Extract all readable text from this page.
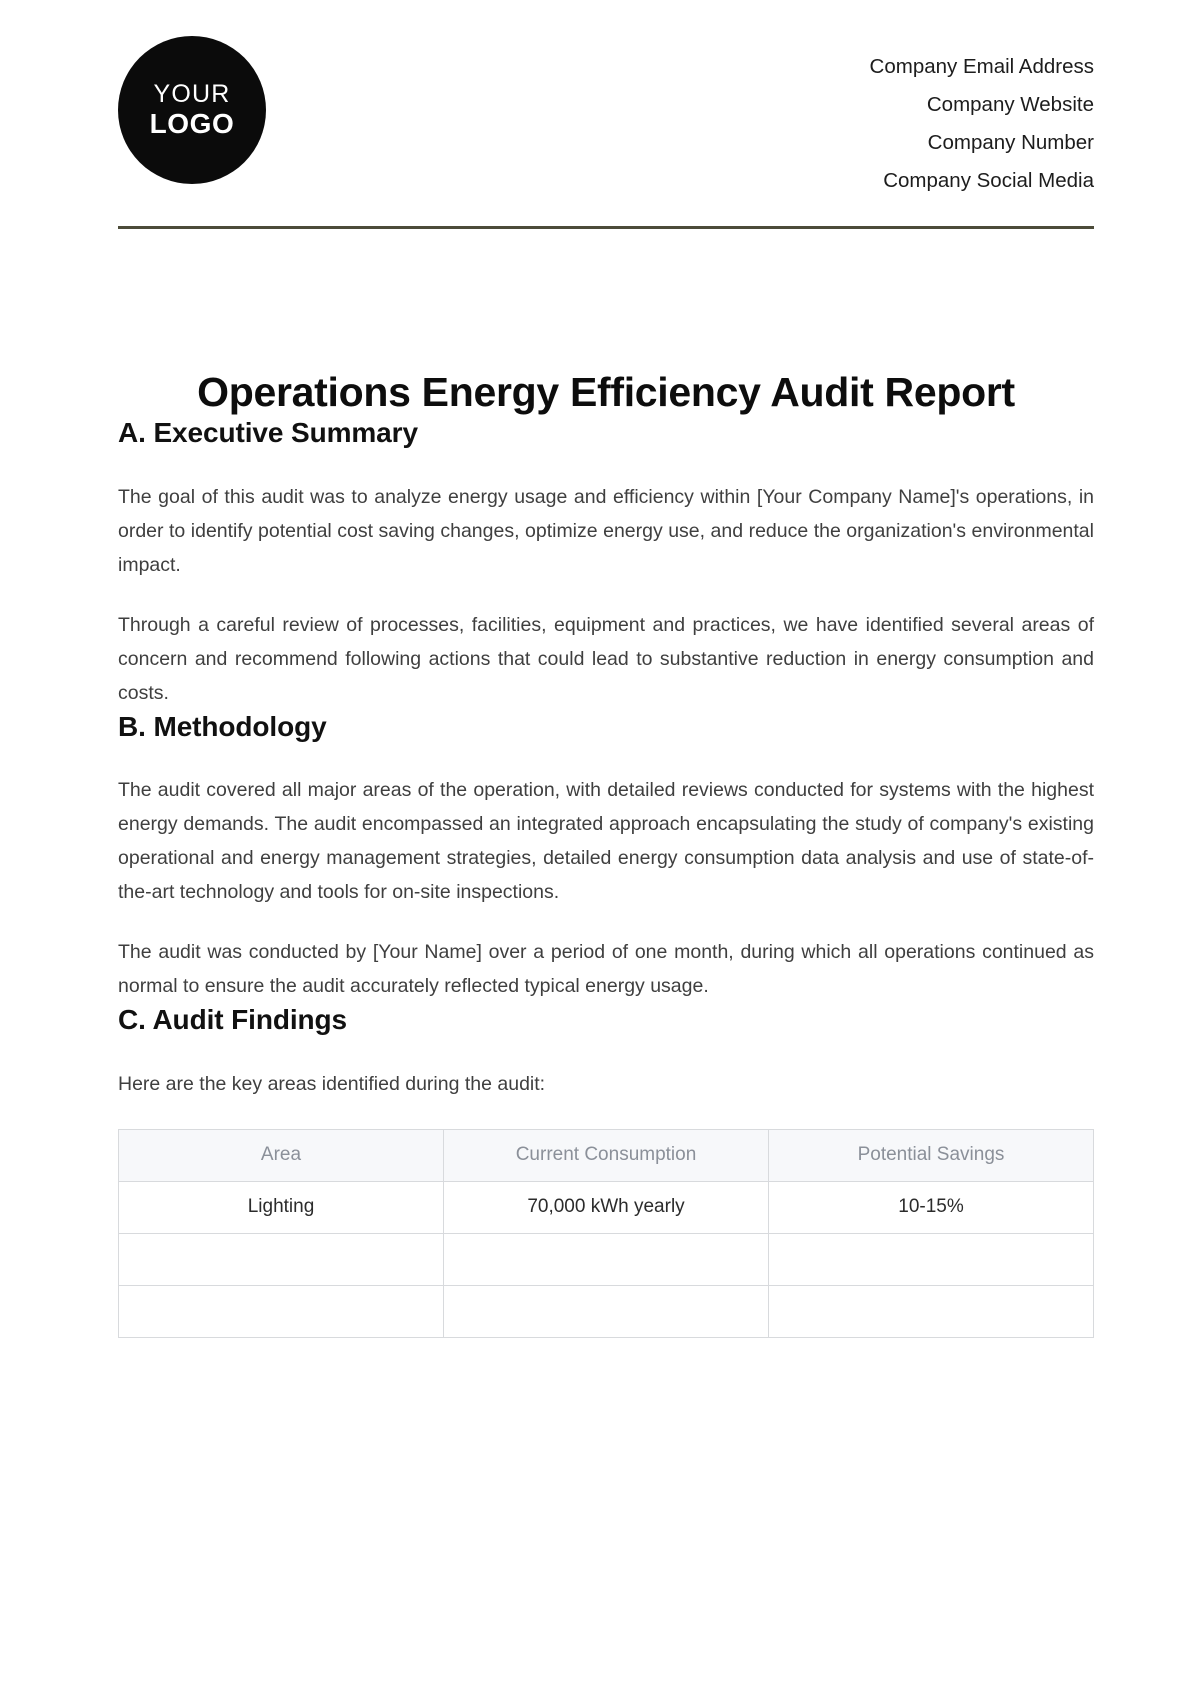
YOUR
LOGO
Company Email Address
Company Website
Company Number
Company Social Media
Operations Energy Efficiency Audit Report
A. Executive Summary

The goal of this audit was to analyze energy usage and efficiency within [Your Company Name]'s operations, in order to identify potential cost saving changes, optimize energy use, and reduce the organization's environmental impact.

Through a careful review of processes, facilities, equipment and practices, we have identified several areas of concern and recommend following actions that could lead to substantive reduction in energy consumption and costs.

B. Methodology

The audit covered all major areas of the operation, with detailed reviews conducted for systems with the highest energy demands. The audit encompassed an integrated approach encapsulating the study of company's existing operational and energy management strategies, detailed energy consumption data analysis and use of state-of-the-art technology and tools for on-site inspections.

The audit was conducted by [Your Name] over a period of one month, during which all operations continued as normal to ensure the audit accurately reflected typical energy usage.

C. Audit Findings

Here are the key areas identified during the audit:

Area	Current Consumption	Potential Savings
Lighting	70,000 kWh yearly	10-15%
